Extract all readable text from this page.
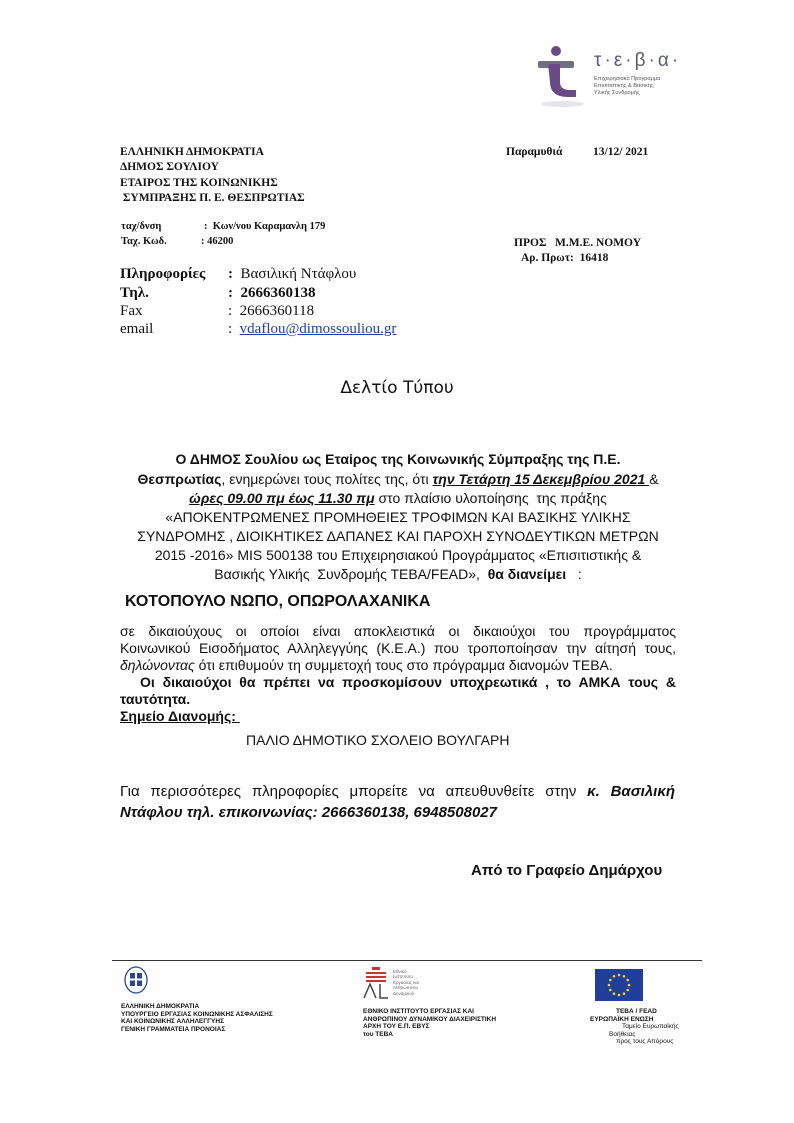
τ·ε·β·α·
Επιχειρησιακό Πρόγραμμα
Επισιτιστικής & Βασικής
Υλικής Συνδρομής
ΕΛΛΗΝΙΚΗ ΔΗΜΟΚΡΑΤΙΑ
ΔΗΜΟΣ ΣΟΥΛΙΟΥ
ΕΤΑΙΡΟΣ ΤΗΣ ΚΟΙΝΩΝΙΚΗΣ
ΣΥΜΠΡΑΞΗΣ Π. Ε. ΘΕΣΠΡΩΤΙΑΣ
Παραμυθιά	13/12/ 2021
ταχ/δνση	:  Κων/νου Καραμανλη 179
Ταχ. Κωδ.	: 46200	ΠΡΟΣ   Μ.Μ.Ε. ΝΟΜΟΥ
Αρ. Πρωτ:  16418
Πληροφορίες :  Βασιλική Ντάφλου
Τηλ.	:  2666360138
Fax	:  2666360118
email	:  vdaflou@dimossouliou.gr
Δελτίο Τύπου
Ο ΔΗΜΟΣ Σουλίου ως Εταίρος της Κοινωνικής Σύμπραξης της Π.Ε.
Θεσπρωτίας, ενημερώνει τους πολίτες της, ότι την Τετάρτη 15 Δεκεμβρίου 2021 &
ώρες 09.00 πμ έως 11.30 πμ στο πλαίσιο υλοποίησης  της πράξης
«ΑΠΟΚΕΝΤΡΩΜΕΝΕΣ ΠΡΟΜΗΘΕΙΕΣ ΤΡΟΦΙΜΩΝ ΚΑΙ ΒΑΣΙΚΗΣ ΥΛΙΚΗΣ
ΣΥΝΔΡΟΜΗΣ , ΔΙΟΙΚΗΤΙΚΕΣ ΔΑΠΑΝΕΣ ΚΑΙ ΠΑΡΟΧΗ ΣΥΝΟΔΕΥΤΙΚΩΝ ΜΕΤΡΩΝ
2015 -2016» MIS 500138 του Επιχειρησιακού Προγράμματος «Επισιτιστικής &
Βασικής Υλικής  Συνδρομής ΤΕΒΑ/FEAD»,  θα διανείμει   :
ΚΟΤΟΠΟΥΛΟ ΝΩΠΟ, ΟΠΩΡΟΛΑΧΑΝΙΚΑ
σε δικαιούχους οι οποίοι είναι αποκλειστικά οι δικαιούχοι του προγράμματος
Κοινωνικού Εισοδήματος Αλληλεγγύης (Κ.Ε.Α.) που τροποποίησαν την αίτησή τους,
δηλώνοντας ότι επιθυμούν τη συμμετοχή τους στο πρόγραμμα διανομών ΤΕΒΑ.
Οι δικαιούχοι θα πρέπει να προσκομίσουν υποχρεωτικά , το ΑΜΚΑ τους &
ταυτότητα.
Σημείο Διανομής:
ΠΑΛΙΟ ΔΗΜΟΤΙΚΟ ΣΧΟΛΕΙΟ ΒΟΥΛΓΑΡΗ
Για περισσότερες πληροφορίες μπορείτε να απευθυνθείτε στην κ. Βασιλική
Ντάφλου τηλ. επικοινωνίας: 2666360138, 6948508027
Από το Γραφείο Δημάρχου
ΕΛΛΗΝΙΚΗ ΔΗΜΟΚΡΑΤΙΑ
ΥΠΟΥΡΓΕΙΟ ΕΡΓΑΣΙΑΣ ΚΟΙΝΩΝΙΚΗΣ ΑΣΦΑΛΙΣΗΣ
ΚΑΙ ΚΟΙΝΩΝΙΚΗΣ ΑΛΛΗΛΕΓΓΥΗΣ
ΓΕΝΙΚΗ ΓΡΑΜΜΑΤΕΙΑ ΠΡΟΝΟΙΑΣ
Εθνικό
Ινστιτούτο
Εργασίας και
Ανθρώπινου
Δυναμικού
ΕΘΝΙΚΟ ΙΝΣΤΙΤΟΥΤΟ ΕΡΓΑΣΙΑΣ ΚΑΙ
ΑΝΘΡΩΠΙΝΟΥ ΔΥΝΑΜΙΚΟΥ ΔΙΑΧΕΙΡΙΣΤΙΚΗ
ΑΡΧΗ ΤΟΥ Ε.Π. ΕΒΥΣ
του ΤΕΒΑ
ΤΕΒΑ / FEAD
ΕΥΡΩΠΑΪΚΗ ΕΝΩΣΗ
Ταμείο Ευρωπαϊκής
Βοήθειας
προς τους Απόρους
